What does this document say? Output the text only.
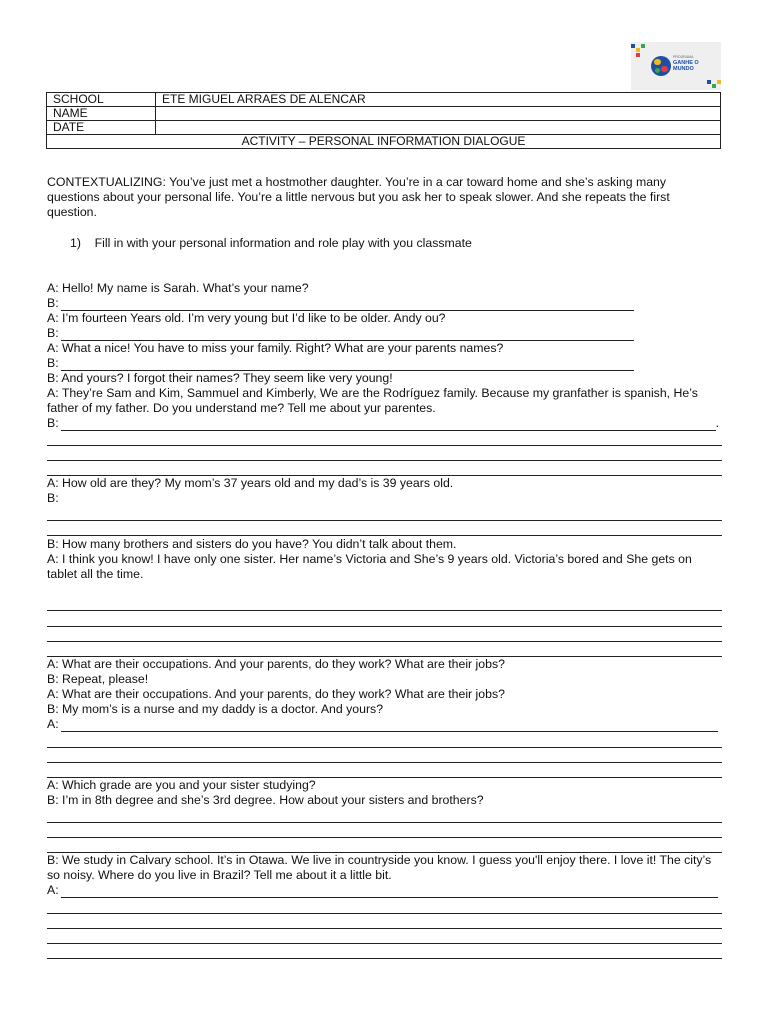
PROGRAMA
GANHE O
MUNDO
SCHOOL	ETE MIGUEL ARRAES DE ALENCAR
NAME	
DATE	
ACTIVITY – PERSONAL INFORMATION DIALOGUE	
CONTEXTUALIZING: You’ve just met a hostmother daughter. You’re in a car toward home and she’s asking many questions about your personal life. You’re a little nervous but you ask her to speak slower. And she repeats the first question.
1)    Fill in with your personal information and role play with you classmate
A: Hello! My name is Sarah. What’s your name?
B:
A: I’m fourteen Years old. I’m very young but I’d like to be older. Andy ou?
B:
A: What a nice! You have to miss your family. Right? What are your parents names?
B:
B: And yours? I forgot their names? They seem like very young!
A: They’re Sam and Kim, Sammuel and Kimberly, We are the Rodríguez family. Because my granfather is spanish, He’s father of my father. Do you understand me? Tell me about yur parentes.
B:	.
A: How old are they? My mom’s 37 years old and my dad’s is 39 years old.
B:
B: How many brothers and sisters do you have? You didn’t talk about them.
A: I think you know! I have only one sister. Her name’s Victoria and She’s 9 years old. Victoria’s bored and She gets on tablet all the time.
A: What are their occupations. And your parents, do they work? What are their jobs?
B: Repeat, please!
A: What are their occupations. And your parents, do they work? What are their jobs?
B: My mom’s is a nurse and my daddy is a doctor. And yours?
A:
A: Which grade are you and your sister studying?
B: I’m in 8th degree and she’s 3rd degree. How about your sisters and brothers?
B: We study in Calvary school. It’s in Otawa. We live in countryside you know. I guess you'll enjoy there. I love it! The city’s so noisy. Where do you live in Brazil? Tell me about it a little bit.
A:
